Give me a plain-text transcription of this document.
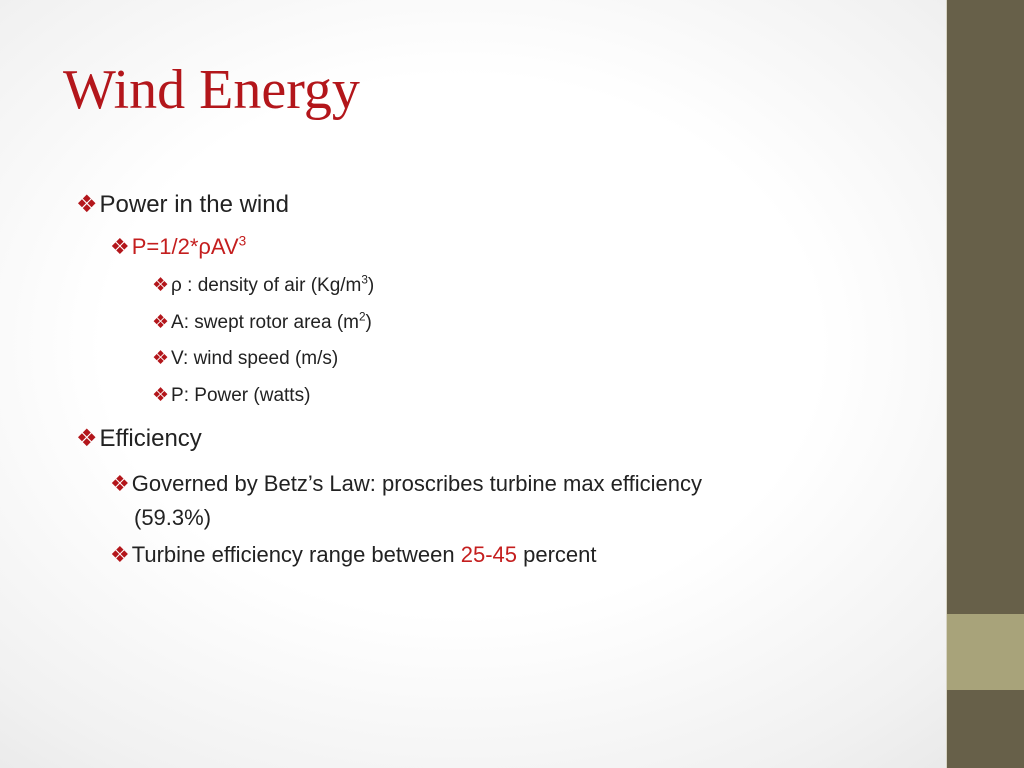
Wind Energy

❖Power in the wind

❖P=1/2*ρAV$^3$

❖ ρ : density of air $(Kg/m^3)$

❖ A: swept rotor area $(m^2)$

❖ V: wind speed (m/s)

❖ P: Power (watts)

❖Efficiency

❖Governed by Betz’s Law: proscribes turbine max efficiency
(59.3%)

❖Turbine efficiency range between 25-45 percent
